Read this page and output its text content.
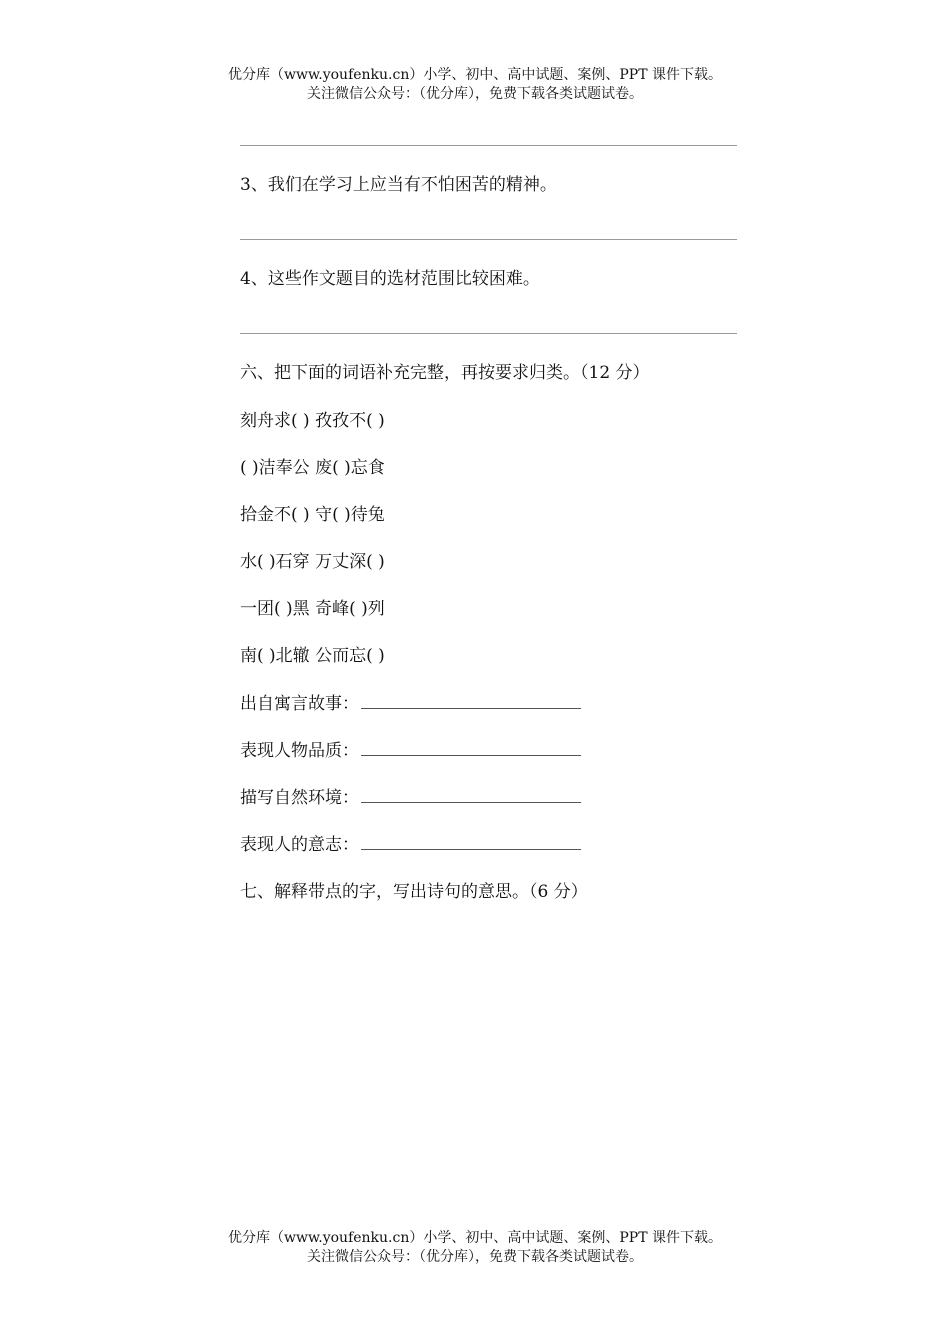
优分库（www.youfenku.cn）小学、初中、高中试题、案例、PPT 课件下载。
关注微信公众号：（优分库），免费下载各类试题试卷。
3、我们在学习上应当有不怕困苦的精神。
4、这些作文题目的选材范围比较困难。
六、把下面的词语补充完整，再按要求归类。（12 分）
刻舟求( ) 孜孜不( )
( )洁奉公 废( )忘食
拾金不( ) 守( )待兔
水( )石穿 万丈深( )
一团( )黑 奇峰( )列
南( )北辙 公而忘( )
出自寓言故事：
表现人物品质：
描写自然环境：
表现人的意志：
七、解释带点的字，写出诗句的意思。（6 分）
优分库（www.youfenku.cn）小学、初中、高中试题、案例、PPT 课件下载。
关注微信公众号：（优分库），免费下载各类试题试卷。
